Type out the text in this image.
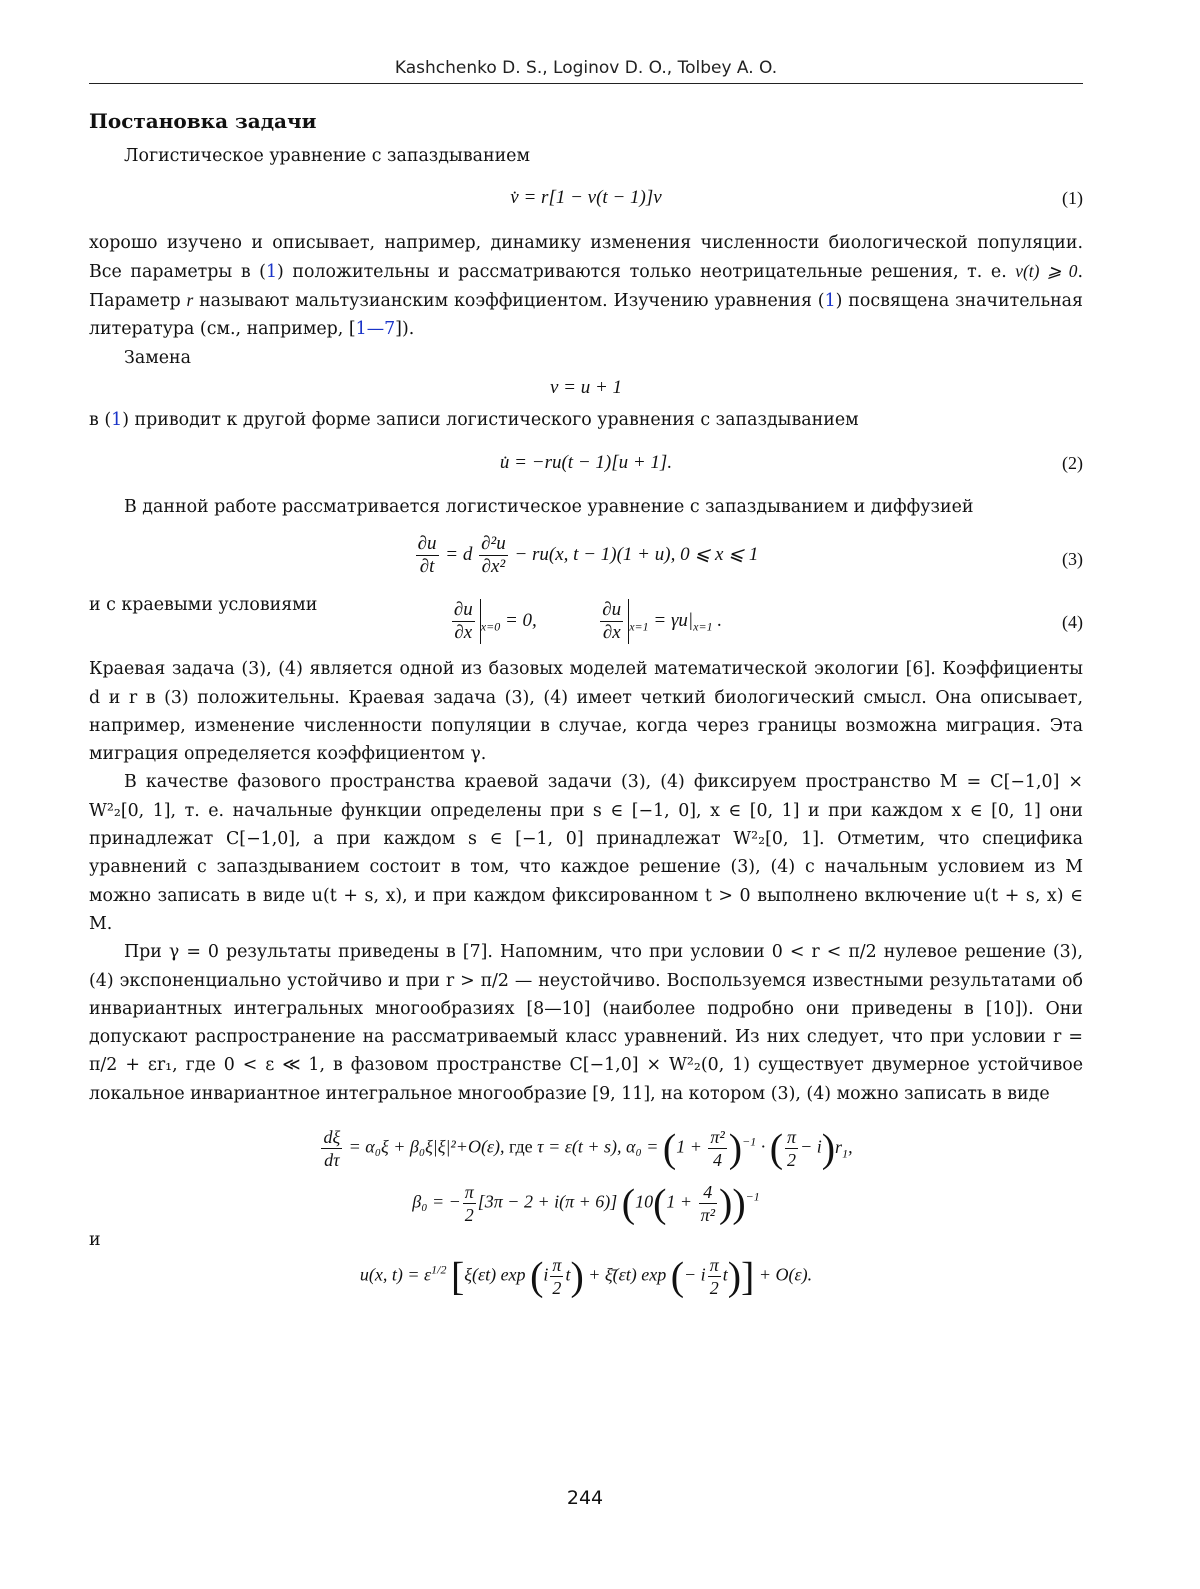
Kashchenko D. S., Loginov D. O., Tolbey A. O.
Постановка задачи

Логистическое уравнение с запаздыванием

v̇ = r[1 − v(t − 1)]v	(1)

хорошо изучено и описывает, например, динамику изменения численности биологической популяции. Все параметры в (1) положительны и рассматриваются только неотрицательные решения, т. е. v(t) ⩾ 0. Параметр r называют мальтузианским коэффициентом. Изучению уравнения (1) посвящена значительная литература (см., например, [1—7]).

Замена

v = u + 1

в (1) приводит к другой форме записи логистического уравнения с запаздыванием

u̇ = −ru(t − 1)[u + 1].	(2)

В данной работе рассматривается логистическое уравнение с запаздыванием и диффузией

$\frac{\partial u}{\partial t} = d \frac{\text{∂²u}}{\text{∂x²}} - ru(x$, t − 1)(1 + u), 0 ⩽ x ⩽ 1	(3)
и с краевыми условиями	$\frac{\partial u}{\partial x} _{x=0} = 0$,	$\frac{\partial u}{\partial x} _{x=1} = \gamma u|_{x=1}$ .	(4)

Краевая задача (3), (4) является одной из базовых моделей математической экологии [6]. Коэффициенты d и r в (3) положительны. Краевая задача (3), (4) имеет четкий биологический смысл. Она описывает, например, изменение численности популяции в случае, когда через границы возможна миграция. Эта миграция определяется коэффициентом γ.

В качестве фазового пространства краевой задачи (3), (4) фиксируем пространство M = C[−1,0] × W²₂[0, 1], т. е. начальные функции определены при s ∈ [−1, 0], x ∈ [0, 1] и при каждом x ∈ [0, 1] они принадлежат C[−1,0], а при каждом s ∈ [−1, 0] принадлежат W²₂[0, 1]. Отметим, что специфика уравнений с запаздыванием состоит в том, что каждое решение (3), (4) с начальным условием из M можно записать в виде u(t + s, x), и при каждом фиксированном t > 0 выполнено включение u(t + s, x) ∈ M.

При γ = 0 результаты приведены в [7]. Напомним, что при условии 0 < r < π/2 нулевое решение (3), (4) экспоненциально устойчиво и при r > π/2 — неустойчиво. Воспользуемся известными результатами об инвариантных интегральных многообразиях [8—10] (наиболее подробно они приведены в [10]). Они допускают распространение на рассматриваемый класс уравнений. Из них следует, что при условии r = π/2 + εr₁, где 0 < ε ≪ 1, в фазовом пространстве C[−1,0] × W²₂(0, 1) существует двумерное устойчивое локальное инвариантное интегральное многообразие [9, 11], на котором (3), (4) можно записать в виде

$\frac{d\xi}{d\tau} = \alpha_0\xi + \beta_0\xi|\xi|^2+O(\varepsilon)$, где τ = ε(t + s), $\alpha_0 = (1 + \frac{\text{π²}}{4} )^{-1}$ · ( $\frac{\pi}{2} - i)r_1$,
β₀ = − $\frac{\pi}{2} [3\pi - 2 + i(\pi + 6)] (10(1 + \frac{4}{\text{π²}} ))^{-1}$
и
u(x, $t) = \varepsilon^{1/2}$ [ξ(εt) $\exp (i \frac{\pi}{2} t)$ + ξ̄(εt) exp (− i $\frac{\pi}{2} t)] + O(\varepsilon)$.
244
